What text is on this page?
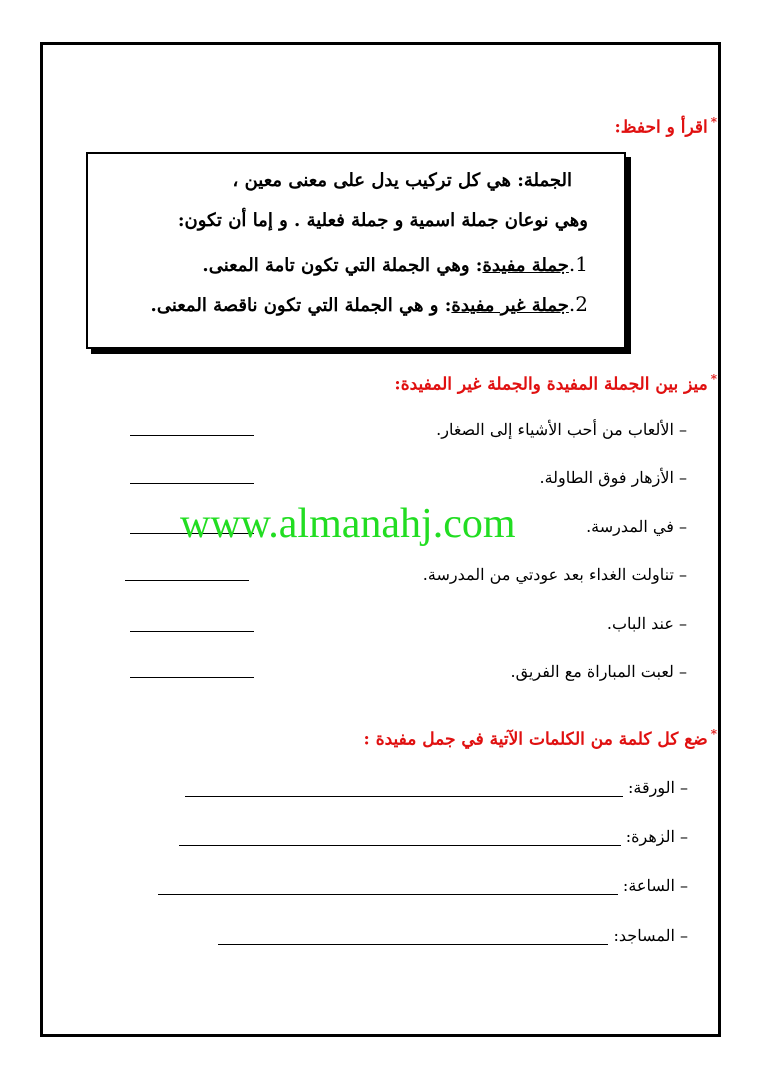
*اقرأ و احفظ:
الجملة: هي كل تركيب يدل على معنى معين ،
وهي نوعان جملة اسمية و جملة فعلية . و إما أن تكون:
1.جملة مفيدة: وهي الجملة التي تكون تامة المعنى.
2.جملة غير مفيدة: و هي الجملة التي تكون ناقصة المعنى.
*ميز بين الجملة المفيدة والجملة غير المفيدة:
– الألعاب من أحب الأشياء إلى الصغار.
– الأزهار فوق الطاولة.
– في المدرسة.
– تناولت الغداء بعد عودتي من المدرسة.
– عند الباب.
– لعبت المباراة مع الفريق.
*ضع كل كلمة من الكلمات الآتية في جمل مفيدة :
– الورقة:
– الزهرة:
– الساعة:
– المساجد:
www.almanahj.com
